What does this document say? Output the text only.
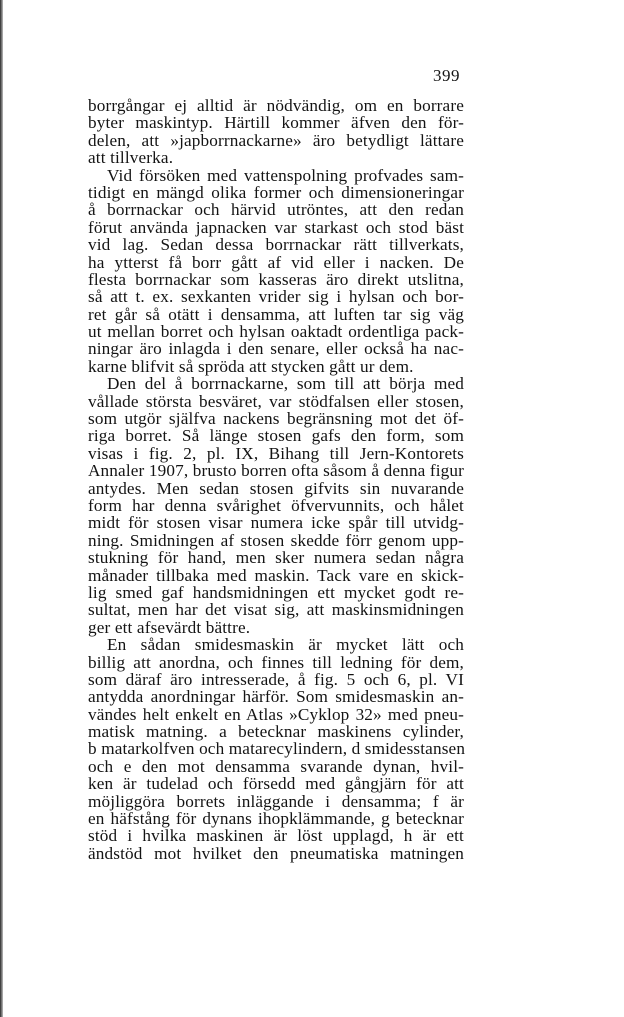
399
borrgångar ej alltid är nödvändig, om en borrare
byter maskintyp. Härtill kommer äfven den för-
delen, att »japborrnackarne» äro betydligt lättare
att tillverka.
Vid försöken med vattenspolning profvades sam-
tidigt en mängd olika former och dimensioneringar
å borrnackar och härvid utröntes, att den redan
förut använda japnacken var starkast och stod bäst
vid lag. Sedan dessa borrnackar rätt tillverkats,
ha ytterst få borr gått af vid eller i nacken. De
flesta borrnackar som kasseras äro direkt utslitna,
så att t. ex. sexkanten vrider sig i hylsan och bor-
ret går så otätt i densamma, att luften tar sig väg
ut mellan borret och hylsan oaktadt ordentliga pack-
ningar äro inlagda i den senare, eller också ha nac-
karne blifvit så spröda att stycken gått ur dem.
Den del å borrnackarne, som till att börja med
vållade största besväret, var stödfalsen eller stosen,
som utgör själfva nackens begränsning mot det öf-
riga borret. Så länge stosen gafs den form, som
visas i fig. 2, pl. IX, Bihang till Jern-Kontorets
Annaler 1907, brusto borren ofta såsom å denna figur
antydes. Men sedan stosen gifvits sin nuvarande
form har denna svårighet öfvervunnits, och hålet
midt för stosen visar numera icke spår till utvidg-
ning. Smidningen af stosen skedde förr genom upp-
stukning för hand, men sker numera sedan några
månader tillbaka med maskin. Tack vare en skick-
lig smed gaf handsmidningen ett mycket godt re-
sultat, men har det visat sig, att maskinsmidningen
ger ett afsevärdt bättre.
En sådan smidesmaskin är mycket lätt och
billig att anordna, och finnes till ledning för dem,
som däraf äro intresserade, å fig. 5 och 6, pl. VI
antydda anordningar härför. Som smidesmaskin an-
vändes helt enkelt en Atlas »Cyklop 32» med pneu-
matisk matning. a betecknar maskinens cylinder,
b matarkolfven och matarecylindern, d smidesstansen
och e den mot densamma svarande dynan, hvil-
ken är tudelad och försedd med gångjärn för att
möjliggöra borrets inläggande i densamma; f är
en häfstång för dynans ihopklämmande, g betecknar
stöd i hvilka maskinen är löst upplagd, h är ett
ändstöd mot hvilket den pneumatiska matningen
